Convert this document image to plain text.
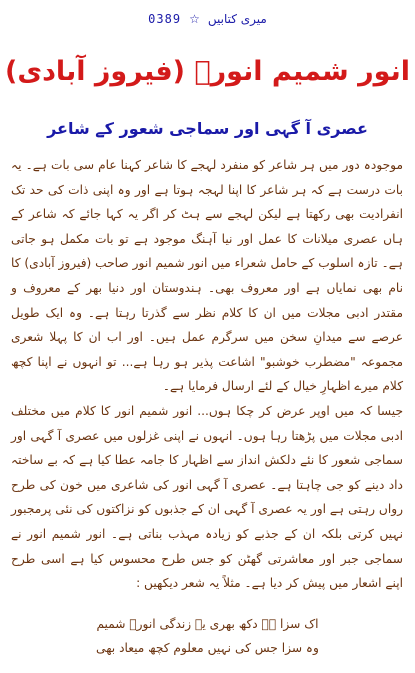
0389 ☆ میری کتابیں
انور شمیم انورؔ (فیروز آبادی)
عصری آ گہی اور سماجی شعور کے شاعر

موجودہ دور میں ہر شاعر کو منفرد لہجے کا شاعر کہنا عام سی بات ہے۔ یہ بات درست ہے کہ ہر شاعر کا اپنا لہجہ ہوتا ہے اور وہ اپنی ذات کی حد تک انفرادیت بھی رکھتا ہے لیکن لہجے سے ہٹ کر اگر یہ کہا جائے کہ شاعر کے ہاں عصری میلانات کا عمل اور نیا آہنگ موجود ہے تو بات مکمل ہو جاتی ہے۔ تازہ اسلوب کے حامل شعراء میں انور شمیم انور صاحب (فیروز آبادی) کا نام بھی نمایاں ہے اور معروف بھی۔ ہندوستان اور دنیا بھر کے معروف و مقتدر ادبی مجلات میں ان کا کلام نظر سے گذرتا رہتا ہے۔ وہ ایک طویل عرصے سے میدانِ سخن میں سرگرم عمل ہیں۔ اور اب ان کا پہلا شعری مجموعہ "مضطرب خوشبو" اشاعت پذیر ہو رہا ہے... تو انہوں نے اپنا کچھ کلام میرے اظہارِ خیال کے لئے ارسال فرمایا ہے۔

جیسا کہ میں اوپر عرض کر چکا ہوں... انور شمیم انور کا کلام میں مختلف ادبی مجلات میں پڑھتا رہا ہوں۔ انہوں نے اپنی غزلوں میں عصری آ گہی اور سماجی شعور کا نئے دلکش انداز سے اظہار کا جامہ عطا کیا ہے کہ بے ساختہ داد دینے کو جی چاہتا ہے۔ عصری آ گہی انور کی شاعری میں خون کی طرح رواں رہتی ہے اور یہ عصری آ گہی ان کے جذبوں کو نزاکتوں کی نئی پرمجبور نہیں کرتی بلکہ ان کے جذبے کو زیادہ مہذب بناتی ہے۔ انور شمیم انور نے سماجی جبر اور معاشرتی گھٹن کو جس طرح محسوس کیا ہے اسی طرح اپنے اشعار میں پیش کر دیا ہے۔ مثلاً یہ شعر دیکھیں :

اک سزا ہے دکھ بھری یہ زندگی انورؔ شمیم
وہ سزا جس کی نہیں معلوم کچھ میعاد بھی
